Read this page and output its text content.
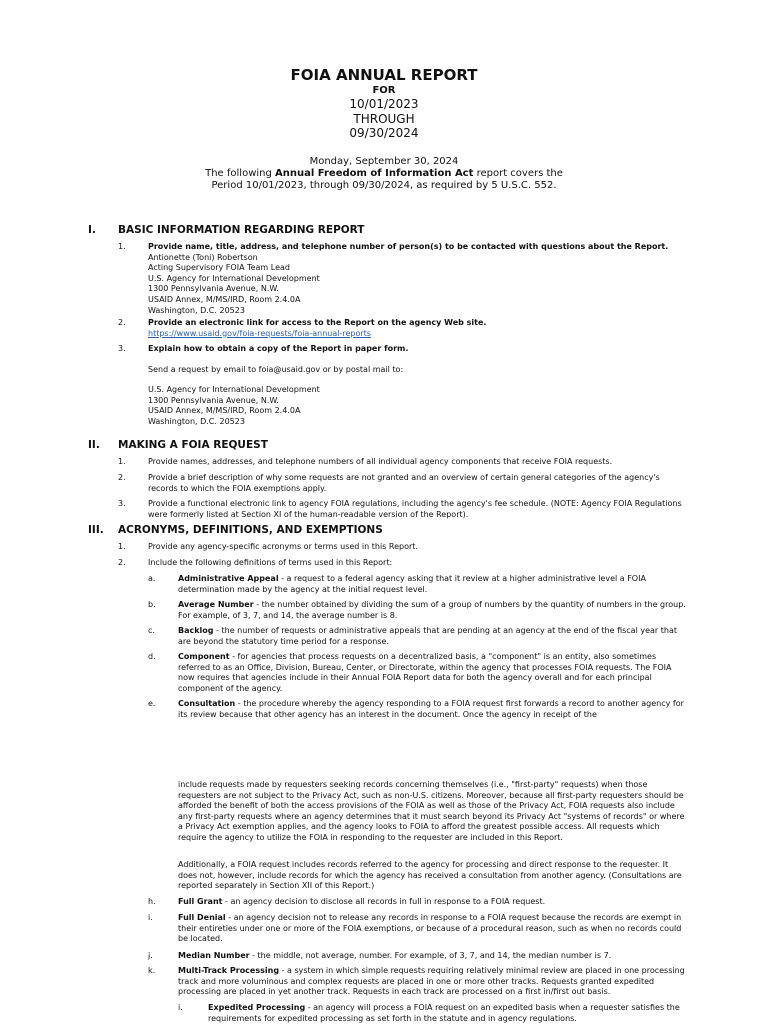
FOIA ANNUAL REPORT
FOR
10/01/2023
THROUGH
09/30/2024
Monday, September 30, 2024
The following Annual Freedom of Information Act report covers the
Period 10/01/2023, through 09/30/2024, as required by 5 U.S.C. 552.
I. BASIC INFORMATION REGARDING REPORT
1.	Provide name, title, address, and telephone number of person(s) to be contacted with questions about the Report.
Antionette (Toni) Robertson
Acting Supervisory FOIA Team Lead
U.S. Agency for International Development
1300 Pennsylvania Avenue, N.W.
USAID Annex, M/MS/IRD, Room 2.4.0A
Washington, D.C. 20523
2.	Provide an electronic link for access to the Report on the agency Web site.
https://www.usaid.gov/foia-requests/foia-annual-reports
3.	Explain how to obtain a copy of the Report in paper form.
Send a request by email to foia@usaid.gov or by postal mail to:
U.S. Agency for International Development
1300 Pennsylvania Avenue, N.W.
USAID Annex, M/MS/IRD, Room 2.4.0A
Washington, D.C. 20523
II. MAKING A FOIA REQUEST
1.	Provide names, addresses, and telephone numbers of all individual agency components that receive FOIA requests.
2.	Provide a brief description of why some requests are not granted and an overview of certain general categories of the agency's records to which the FOIA exemptions apply.
3.	Provide a functional electronic link to agency FOIA regulations, including the agency's fee schedule. (NOTE: Agency FOIA Regulations were formerly listed at Section XI of the human-readable version of the Report).
III. ACRONYMS, DEFINITIONS, AND EXEMPTIONS
1.	Provide any agency-specific acronyms or terms used in this Report.
2.	Include the following definitions of terms used in this Report:
a.	Administrative Appeal - a request to a federal agency asking that it review at a higher administrative level a FOIA determination made by the agency at the initial request level.
b.	Average Number - the number obtained by dividing the sum of a group of numbers by the quantity of numbers in the group. For example, of 3, 7, and 14, the average number is 8.
c.	Backlog - the number of requests or administrative appeals that are pending at an agency at the end of the fiscal year that are beyond the statutory time period for a response.
d.	Component - for agencies that process requests on a decentralized basis, a "component" is an entity, also sometimes referred to as an Office, Division, Bureau, Center, or Directorate, within the agency that processes FOIA requests. The FOIA now requires that agencies include in their Annual FOIA Report data for both the agency overall and for each principal component of the agency.
e.	Consultation - the procedure whereby the agency responding to a FOIA request first forwards a record to another agency for its review because that other agency has an interest in the document. Once the agency in receipt of the
include requests made by requesters seeking records concerning themselves (i.e., "first-party" requests) when those requesters are not subject to the Privacy Act, such as non-U.S. citizens. Moreover, because all first-party requesters should be afforded the benefit of both the access provisions of the FOIA as well as those of the Privacy Act, FOIA requests also include any first-party requests where an agency determines that it must search beyond its Privacy Act "systems of records" or where a Privacy Act exemption applies, and the agency looks to FOIA to afford the greatest possible access. All requests which require the agency to utilize the FOIA in responding to the requester are included in this Report.
Additionally, a FOIA request includes records referred to the agency for processing and direct response to the requester. It does not, however, include records for which the agency has received a consultation from another agency. (Consultations are reported separately in Section XII of this Report.)
h.	Full Grant - an agency decision to disclose all records in full in response to a FOIA request.
i.	Full Denial - an agency decision not to release any records in response to a FOIA request because the records are exempt in their entireties under one or more of the FOIA exemptions, or because of a procedural reason, such as when no records could be located.
j.	Median Number - the middle, not average, number. For example, of 3, 7, and 14, the median number is 7.
k.	Multi-Track Processing - a system in which simple requests requiring relatively minimal review are placed in one processing track and more voluminous and complex requests are placed in one or more other tracks. Requests granted expedited processing are placed in yet another track. Requests in each track are processed on a first in/first out basis.
i.	Expedited Processing - an agency will process a FOIA request on an expedited basis when a requester satisfies the requirements for expedited processing as set forth in the statute and in agency regulations.
